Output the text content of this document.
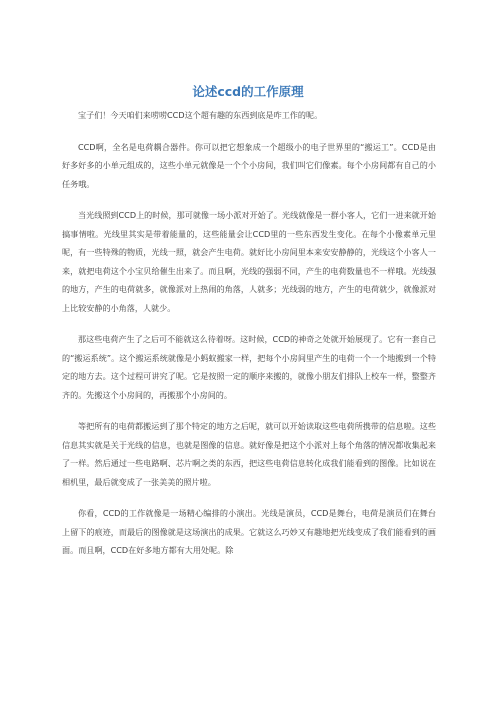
论述ccd的工作原理

宝子们！今天咱们来唠唠CCD这个超有趣的东西到底是咋工作的呢。

CCD啊，全名是电荷耦合器件。你可以把它想象成一个超级小的电子世界里的“搬运工”。CCD是由好多好多的小单元组成的，这些小单元就像是一个个小房间，我们叫它们像素。每个小房间都有自己的小任务哦。

当光线照到CCD上的时候，那可就像一场小派对开始了。光线就像是一群小客人，它们一进来就开始搞事情啦。光线里其实是带着能量的，这些能量会让CCD里的一些东西发生变化。在每个小像素单元里呢，有一些特殊的物质，光线一照，就会产生电荷。就好比小房间里本来安安静静的，光线这个小客人一来，就把电荷这个小宝贝给催生出来了。而且啊，光线的强弱不同，产生的电荷数量也不一样哦。光线强的地方，产生的电荷就多，就像派对上热闹的角落，人就多；光线弱的地方，产生的电荷就少，就像派对上比较安静的小角落，人就少。

那这些电荷产生了之后可不能就这么待着呀。这时候，CCD的神奇之处就开始展现了。它有一套自己的“搬运系统”。这个搬运系统就像是小蚂蚁搬家一样，把每个小房间里产生的电荷一个一个地搬到一个特定的地方去。这个过程可讲究了呢。它是按照一定的顺序来搬的，就像小朋友们排队上校车一样，整整齐齐的。先搬这个小房间的，再搬那个小房间的。

等把所有的电荷都搬运到了那个特定的地方之后呢，就可以开始读取这些电荷所携带的信息啦。这些信息其实就是关于光线的信息，也就是图像的信息。就好像是把这个小派对上每个角落的情况都收集起来了一样。然后通过一些电路啊、芯片啊之类的东西，把这些电荷信息转化成我们能看到的图像。比如说在相机里，最后就变成了一张美美的照片啦。

你看，CCD的工作就像是一场精心编排的小演出。光线是演员，CCD是舞台，电荷是演员们在舞台上留下的痕迹，而最后的图像就是这场演出的成果。它就这么巧妙又有趣地把光线变成了我们能看到的画面。而且啊，CCD在好多地方都有大用处呢。除
